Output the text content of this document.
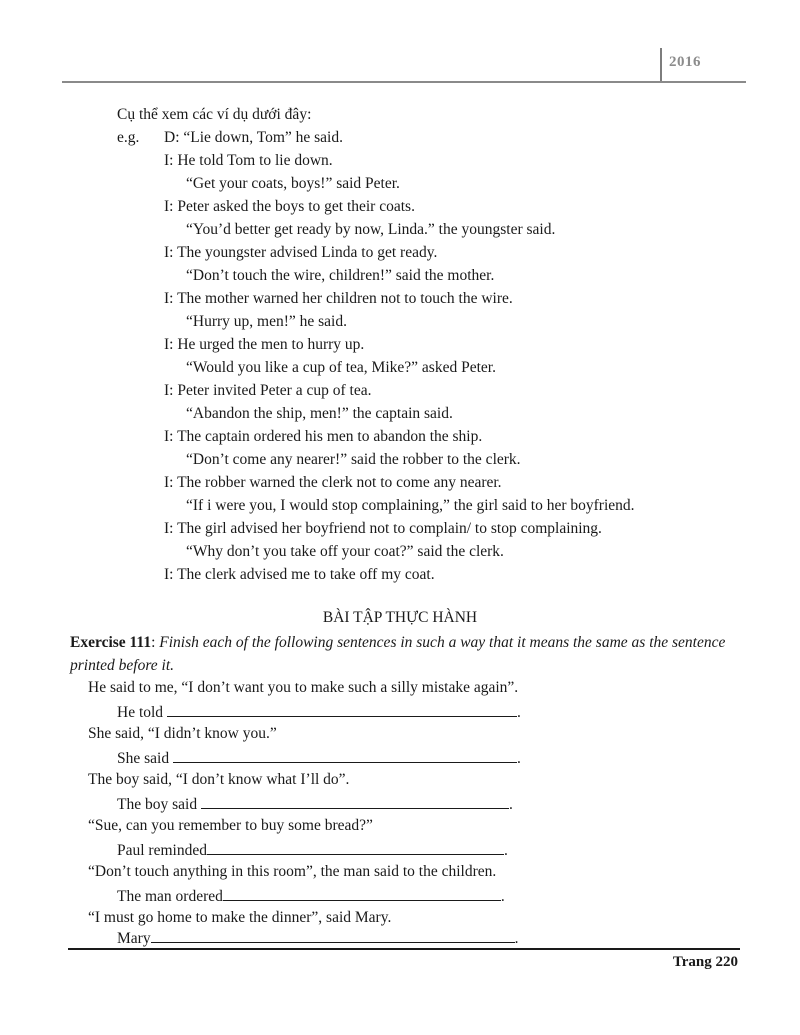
2016
Cụ thể xem các ví dụ dưới đây:
e.g. D: “Lie down, Tom” he said.
I: He told Tom to lie down.
“Get your coats, boys!” said Peter.
I: Peter asked the boys to get their coats.
“You’d better get ready by now, Linda.” the youngster said.
I: The youngster advised Linda to get ready.
“Don’t touch the wire, children!” said the mother.
I: The mother warned her children not to touch the wire.
“Hurry up, men!” he said.
I: He urged the men to hurry up.
“Would you like a cup of tea, Mike?” asked Peter.
I: Peter invited Peter a cup of tea.
“Abandon the ship, men!” the captain said.
I: The captain ordered his men to abandon the ship.
“Don’t come any nearer!” said the robber to the clerk.
I: The robber warned the clerk not to come any nearer.
“If i were you, I would stop complaining,” the girl said to her boyfriend.
I: The girl advised her boyfriend not to complain/ to stop complaining.
“Why don’t you take off your coat?” said the clerk.
I: The clerk advised me to take off my coat.
BÀI TẬP THỰC HÀNH
Exercise 111: Finish each of the following sentences in such a way that it means the same as the sentence printed before it.
He said to me, “I don’t want you to make such a silly mistake again”.
He told	.
She said, “I didn’t know you.”
She said	.
The boy said, “I don’t know what I’ll do”.
The boy said	.
“Sue, can you remember to buy some bread?”
Paul reminded	.
“Don’t touch anything in this room”, the man said to the children.
The man ordered	.
“I must go home to make the dinner”, said Mary.
Mary	.
Trang 220
